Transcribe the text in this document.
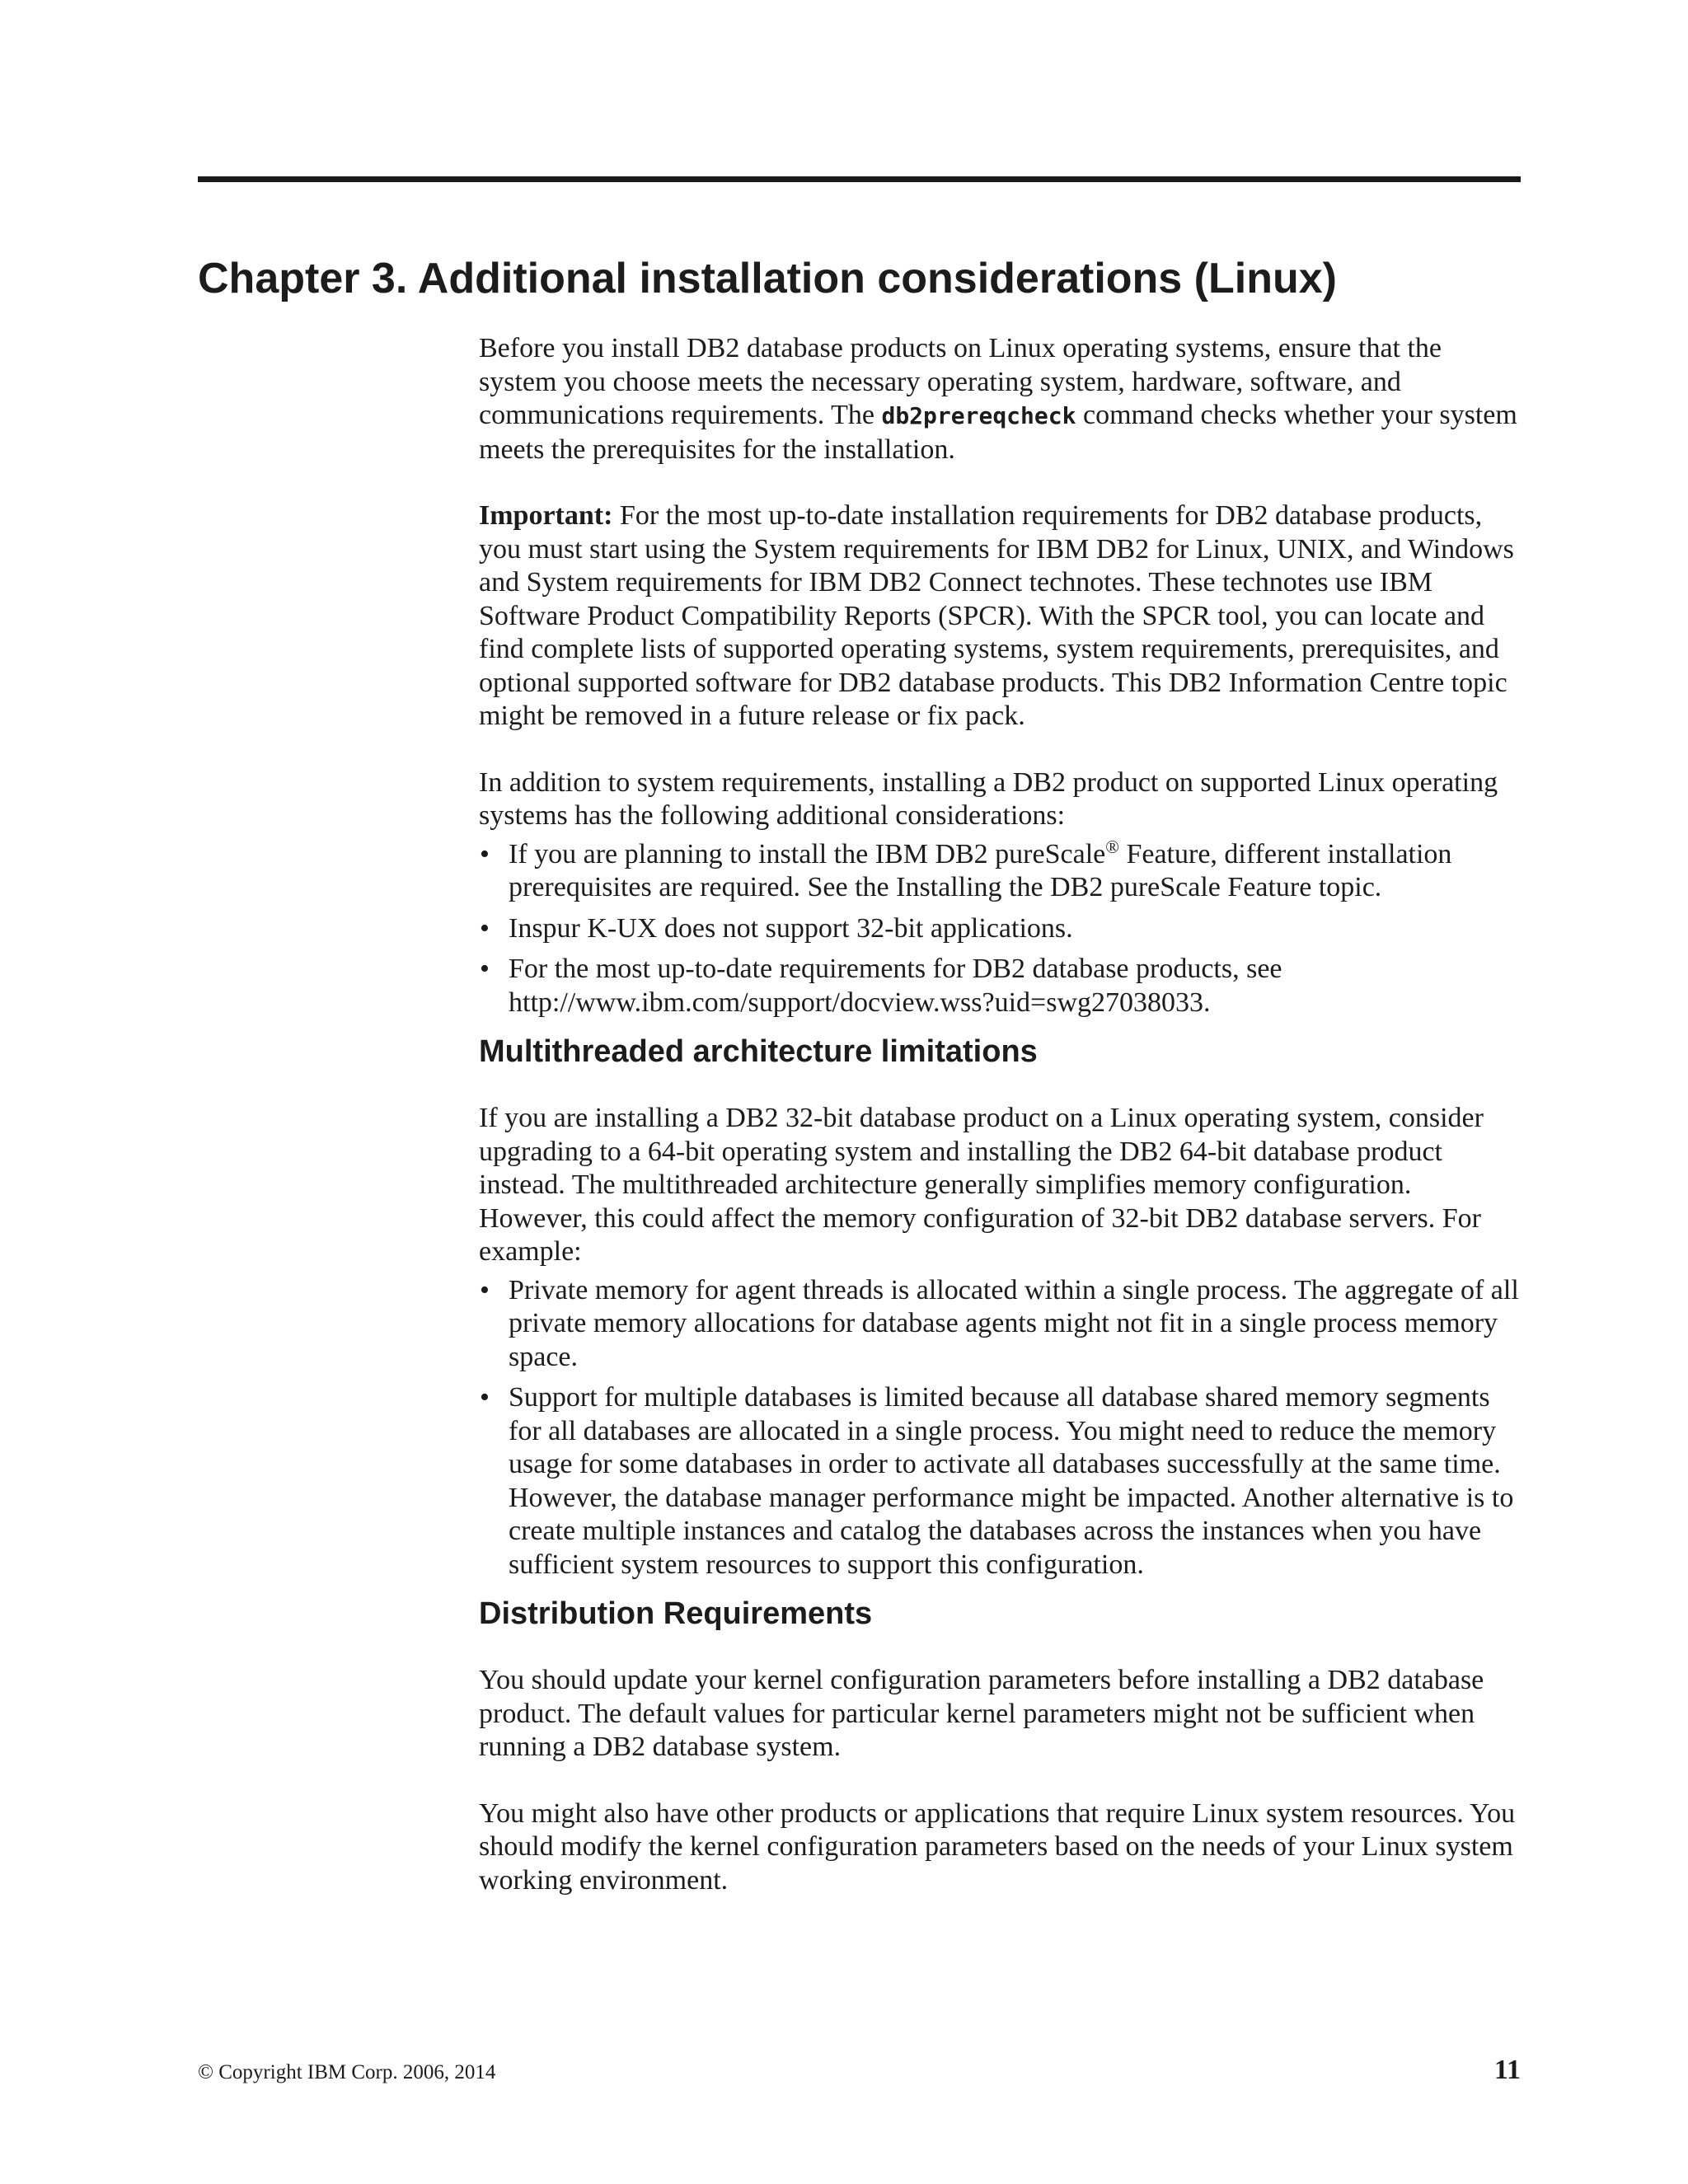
Chapter 3. Additional installation considerations (Linux)

Before you install DB2 database products on Linux operating systems, ensure that the system you choose meets the necessary operating system, hardware, software, and communications requirements. The db2prereqcheck command checks whether your system meets the prerequisites for the installation.

Important: For the most up-to-date installation requirements for DB2 database products, you must start using the System requirements for IBM DB2 for Linux, UNIX, and Windows and System requirements for IBM DB2 Connect technotes. These technotes use IBM Software Product Compatibility Reports (SPCR). With the SPCR tool, you can locate and find complete lists of supported operating systems, system requirements, prerequisites, and optional supported software for DB2 database products. This DB2 Information Centre topic might be removed in a future release or fix pack.

In addition to system requirements, installing a DB2 product on supported Linux operating systems has the following additional considerations:

• If you are planning to install the IBM DB2 pureScale® Feature, different installation prerequisites are required. See the Installing the DB2 pureScale Feature topic.
• Inspur K-UX does not support 32-bit applications.
• For the most up-to-date requirements for DB2 database products, see http://www.ibm.com/support/docview.wss?uid=swg27038033.
Multithreaded architecture limitations

If you are installing a DB2 32-bit database product on a Linux operating system, consider upgrading to a 64-bit operating system and installing the DB2 64-bit database product instead. The multithreaded architecture generally simplifies memory configuration. However, this could affect the memory configuration of 32-bit DB2 database servers. For example:

• Private memory for agent threads is allocated within a single process. The aggregate of all private memory allocations for database agents might not fit in a single process memory space.
• Support for multiple databases is limited because all database shared memory segments for all databases are allocated in a single process. You might need to reduce the memory usage for some databases in order to activate all databases successfully at the same time. However, the database manager performance might be impacted. Another alternative is to create multiple instances and catalog the databases across the instances when you have sufficient system resources to support this configuration.
Distribution Requirements

You should update your kernel configuration parameters before installing a DB2 database product. The default values for particular kernel parameters might not be sufficient when running a DB2 database system.

You might also have other products or applications that require Linux system resources. You should modify the kernel configuration parameters based on the needs of your Linux system working environment.

© Copyright IBM Corp. 2006, 2014	11
